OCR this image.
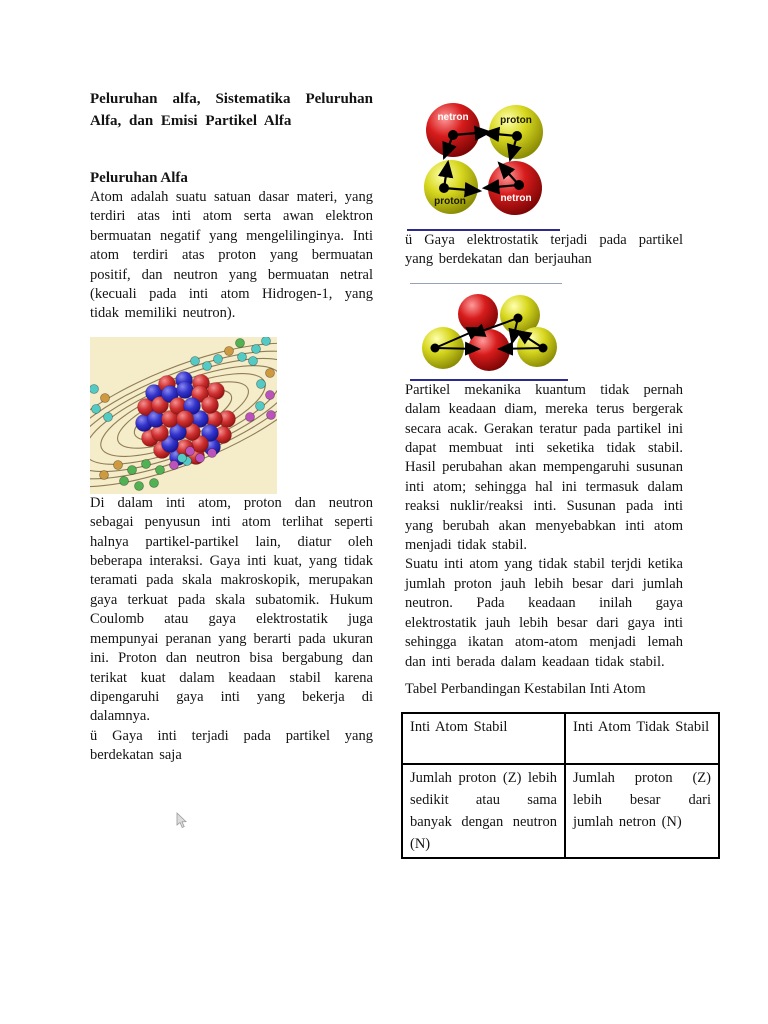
Peluruhan alfa, Sistematika Peluruhan Alfa, dan Emisi Partikel Alfa

Peluruhan Alfa

Atom adalah suatu satuan dasar materi, yang terdiri atas inti atom serta awan elektron bermuatan negatif yang mengelilinginya. Inti atom terdiri atas proton yang bermuatan positif, dan neutron yang bermuatan netral (kecuali pada inti atom Hidrogen-1, yang tidak memiliki neutron).

Di dalam inti atom, proton dan neutron sebagai penyusun inti atom terlihat seperti halnya partikel-partikel lain, diatur oleh beberapa interaksi. Gaya inti kuat, yang tidak teramati pada skala makroskopik, merupakan gaya terkuat pada skala subatomik. Hukum Coulomb atau gaya elektrostatik juga mempunyai peranan yang berarti pada ukuran ini. Proton dan neutron bisa bergabung dan terikat kuat dalam keadaan stabil karena dipengaruhi gaya inti yang bekerja di dalamnya.

ü Gaya inti terjadi pada partikel yang berdekatan saja

netron	proton
proton	netron

ü Gaya elektrostatik terjadi pada partikel yang berdekatan dan berjauhan

Partikel mekanika kuantum tidak pernah dalam keadaan diam, mereka terus bergerak secara acak. Gerakan teratur pada partikel ini dapat membuat inti seketika tidak stabil. Hasil perubahan akan mempengaruhi susunan inti atom; sehingga hal ini termasuk dalam reaksi nuklir/reaksi inti. Susunan pada inti yang berubah akan menyebabkan inti atom menjadi tidak stabil.

Suatu inti atom yang tidak stabil terjdi ketika jumlah proton jauh lebih besar dari jumlah neutron. Pada keadaan inilah gaya elektrostatik jauh lebih besar dari gaya inti sehingga ikatan atom-atom menjadi lemah dan inti berada dalam keadaan tidak stabil.

Tabel Perbandingan Kestabilan Inti Atom

Inti Atom Stabil	Inti Atom Tidak Stabil
Jumlah proton (Z) lebih sedikit atau sama banyak dengan neutron (N)	Jumlah proton (Z) lebih besar dari jumlah netron (N)
